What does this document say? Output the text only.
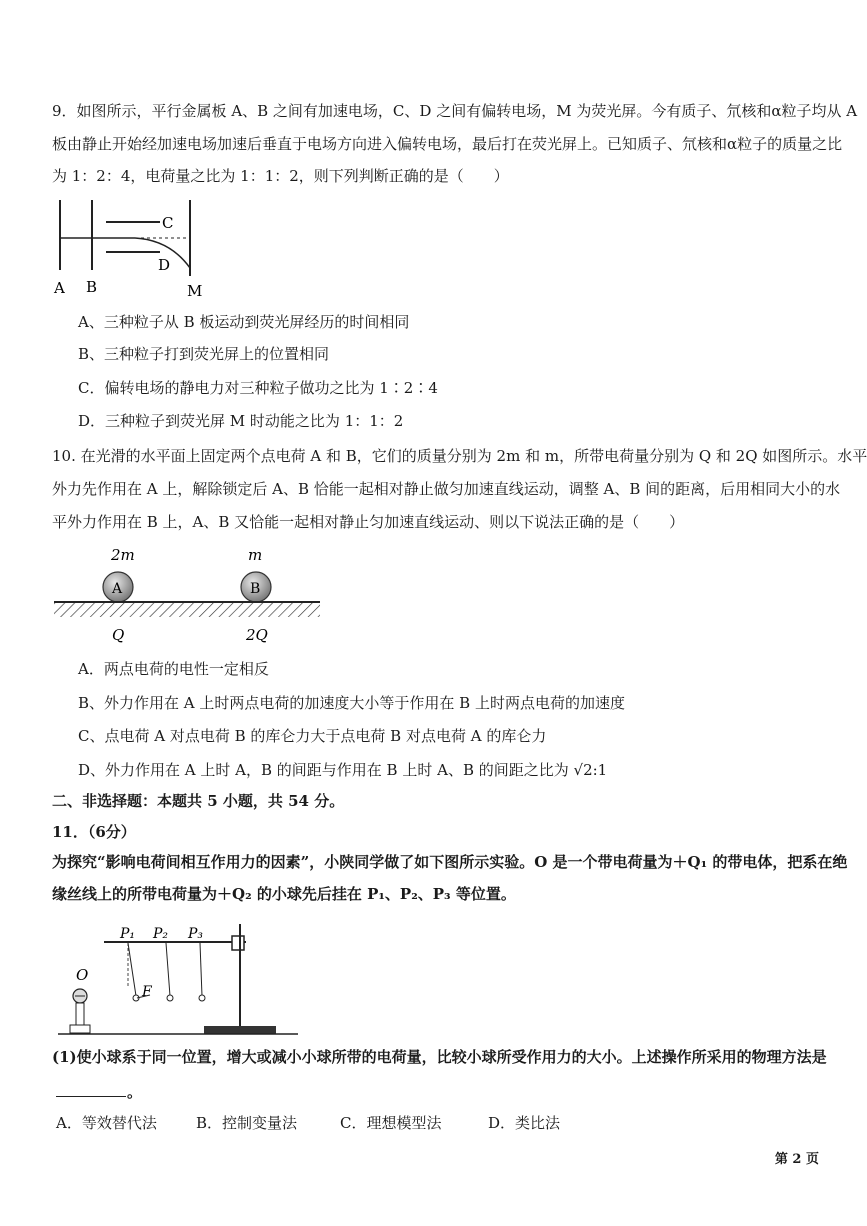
9．如图所示，平行金属板 A、B 之间有加速电场，C、D 之间有偏转电场，M 为荧光屏。今有质子、氘核和α粒子均从 A
板由静止开始经加速电场加速后垂直于电场方向进入偏转电场，最后打在荧光屏上。已知质子、氘核和α粒子的质量之比
为 1：2：4，电荷量之比为 1：1：2，则下列判断正确的是（　　）
C
D
A B	M
A、三种粒子从 B 板运动到荧光屏经历的时间相同
B、三种粒子打到荧光屏上的位置相同
C．偏转电场的静电力对三种粒子做功之比为 1∶2∶4
D．三种粒子到荧光屏 M 时动能之比为 1：1：2
10. 在光滑的水平面上固定两个点电荷 A 和 B，它们的质量分别为 2m 和 m，所带电荷量分别为 Q 和 2Q 如图所示。水平
外力先作用在 A 上，解除锁定后 A、B 恰能一起相对静止做匀加速直线运动，调整 A、B 间的距离，后用相同大小的水
平外力作用在 B 上，A、B 又恰能一起相对静止匀加速直线运动、则以下说法正确的是（　　）
2m	m
A	B
Q	2Q
A．两点电荷的电性一定相反
B、外力作用在 A 上时两点电荷的加速度大小等于作用在 B 上时两点电荷的加速度
C、点电荷 A 对点电荷 B 的库仑力大于点电荷 B 对点电荷 A 的库仑力
D、外力作用在 A 上时 A，B 的间距与作用在 B 上时 A、B 的间距之比为 √2:1
二、非选择题：本题共 5 小题，共 54 分。
11．（6分）
为探究“影响电荷间相互作用力的因素”，小陕同学做了如下图所示实验。O 是一个带电荷量为＋Q₁ 的带电体，把系在绝
缘丝线上的所带电荷量为＋Q₂ 的小球先后挂在 P₁、P₂、P₃ 等位置。
P₁ P₂ P₃
F
O
(1)使小球系于同一位置，增大或减小小球所带的电荷量，比较小球所受作用力的大小。上述操作所采用的物理方法是
。
A．等效替代法	B．控制变量法	C．理想模型法	D．类比法
第 2 页
